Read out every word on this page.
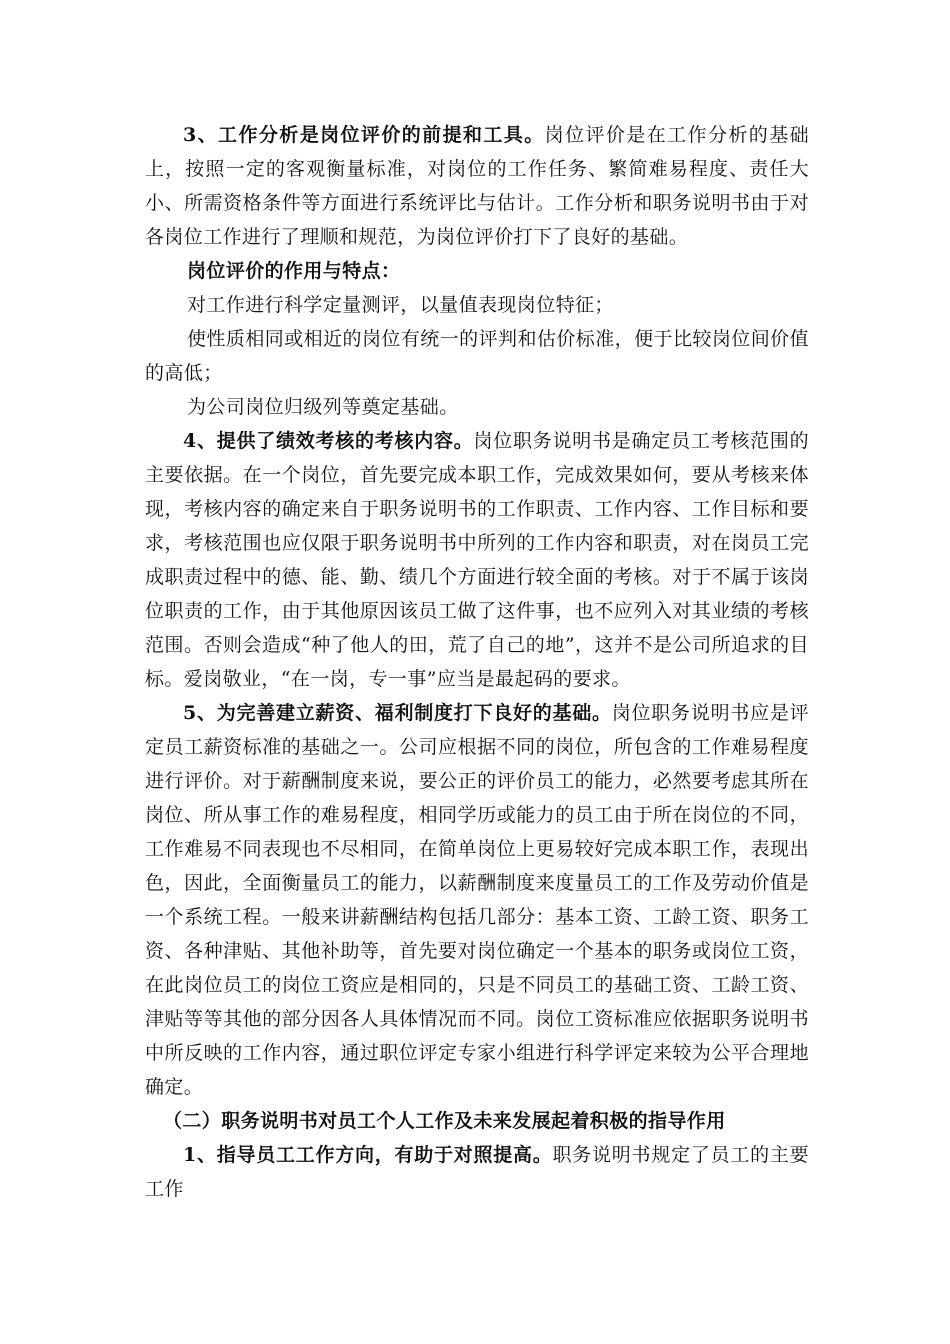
3、工作分析是岗位评价的前提和工具。岗位评价是在工作分析的基础上，按照一定的客观衡量标准，对岗位的工作任务、繁简难易程度、责任大小、所需资格条件等方面进行系统评比与估计。工作分析和职务说明书由于对各岗位工作进行了理顺和规范，为岗位评价打下了良好的基础。

岗位评价的作用与特点：

对工作进行科学定量测评，以量值表现岗位特征；

使性质相同或相近的岗位有统一的评判和估价标准，便于比较岗位间价值的高低；

为公司岗位归级列等奠定基础。

4、提供了绩效考核的考核内容。岗位职务说明书是确定员工考核范围的主要依据。在一个岗位，首先要完成本职工作，完成效果如何，要从考核来体现，考核内容的确定来自于职务说明书的工作职责、工作内容、工作目标和要求，考核范围也应仅限于职务说明书中所列的工作内容和职责，对在岗员工完成职责过程中的德、能、勤、绩几个方面进行较全面的考核。对于不属于该岗位职责的工作，由于其他原因该员工做了这件事，也不应列入对其业绩的考核范围。否则会造成“种了他人的田，荒了自己的地”，这并不是公司所追求的目标。爱岗敬业，“在一岗，专一事”应当是最起码的要求。

5、为完善建立薪资、福利制度打下良好的基础。岗位职务说明书应是评定员工薪资标准的基础之一。公司应根据不同的岗位，所包含的工作难易程度进行评价。对于薪酬制度来说，要公正的评价员工的能力，必然要考虑其所在岗位、所从事工作的难易程度，相同学历或能力的员工由于所在岗位的不同，工作难易不同表现也不尽相同，在简单岗位上更易较好完成本职工作，表现出色，因此，全面衡量员工的能力，以薪酬制度来度量员工的工作及劳动价值是一个系统工程。一般来讲薪酬结构包括几部分：基本工资、工龄工资、职务工资、各种津贴、其他补助等，首先要对岗位确定一个基本的职务或岗位工资，在此岗位员工的岗位工资应是相同的，只是不同员工的基础工资、工龄工资、津贴等等其他的部分因各人具体情况而不同。岗位工资标准应依据职务说明书中所反映的工作内容，通过职位评定专家小组进行科学评定来较为公平合理地确定。

（二）职务说明书对员工个人工作及未来发展起着积极的指导作用

1、指导员工工作方向，有助于对照提高。职务说明书规定了员工的主要工作
